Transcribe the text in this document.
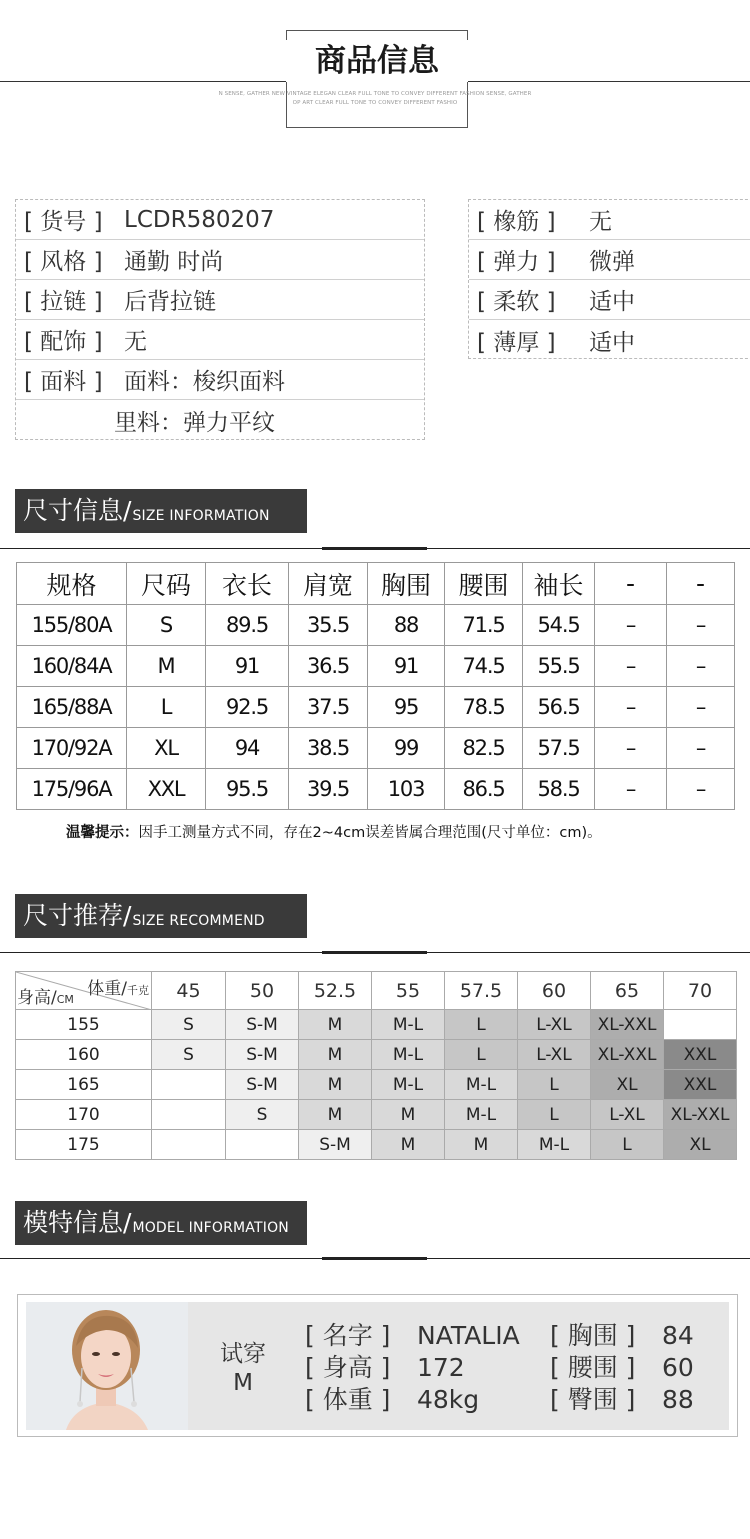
商品信息
N SENSE, GATHER NEW VINTAGE ELEGAN CLEAR FULL TONE TO CONVEY DIFFERENT FASHION SENSE, GATHER
OP ART CLEAR FULL TONE TO CONVEY DIFFERENT FASHIO
[ 货号 ] LCDR580207
[ 风格 ] 通勤 时尚
[ 拉链 ] 后背拉链
[ 配饰 ] 无
[ 面料 ] 面料：梭织面料
里料：弹力平纹
[ 橡筋 ]	无
[ 弹力 ]	微弹
[ 柔软 ]	适中
[ 薄厚 ]	适中
尺寸信息/ SIZE INFORMATION
规格	尺码	衣长	肩宽	胸围	腰围	袖长	-	-
155/80A	S	89.5	35.5	88	71.5	54.5	–	–
160/84A	M	91	36.5	91	74.5	55.5	–	–
165/88A	L	92.5	37.5	95	78.5	56.5	–	–
170/92A	XL	94	38.5	99	82.5	57.5	–	–
175/96A	XXL	95.5	39.5	103	86.5	58.5	–	–
温馨提示：因手工测量方式不同，存在2~4cm误差皆属合理范围(尺寸单位：cm)。
尺寸推荐/ SIZE RECOMMEND
体重/千克
身高/CM	45	50	52.5	55	57.5	60	65	70
155	S	S-M	M	M-L	L	L-XL	XL-XXL	
160	S	S-M	M	M-L	L	L-XL	XL-XXL	XXL
165		S-M	M	M-L	M-L	L	XL	XXL
170		S	M	M	M-L	L	L-XL	XL-XXL
175			S-M	M	M	M-L	L	XL
模特信息/ MODEL INFORMATION
试穿
M
[ 名字 ] NATALIA
[ 身高 ] 172
[ 体重 ] 48kg
[ 胸围 ] 84
[ 腰围 ] 60
[ 臀围 ] 88
